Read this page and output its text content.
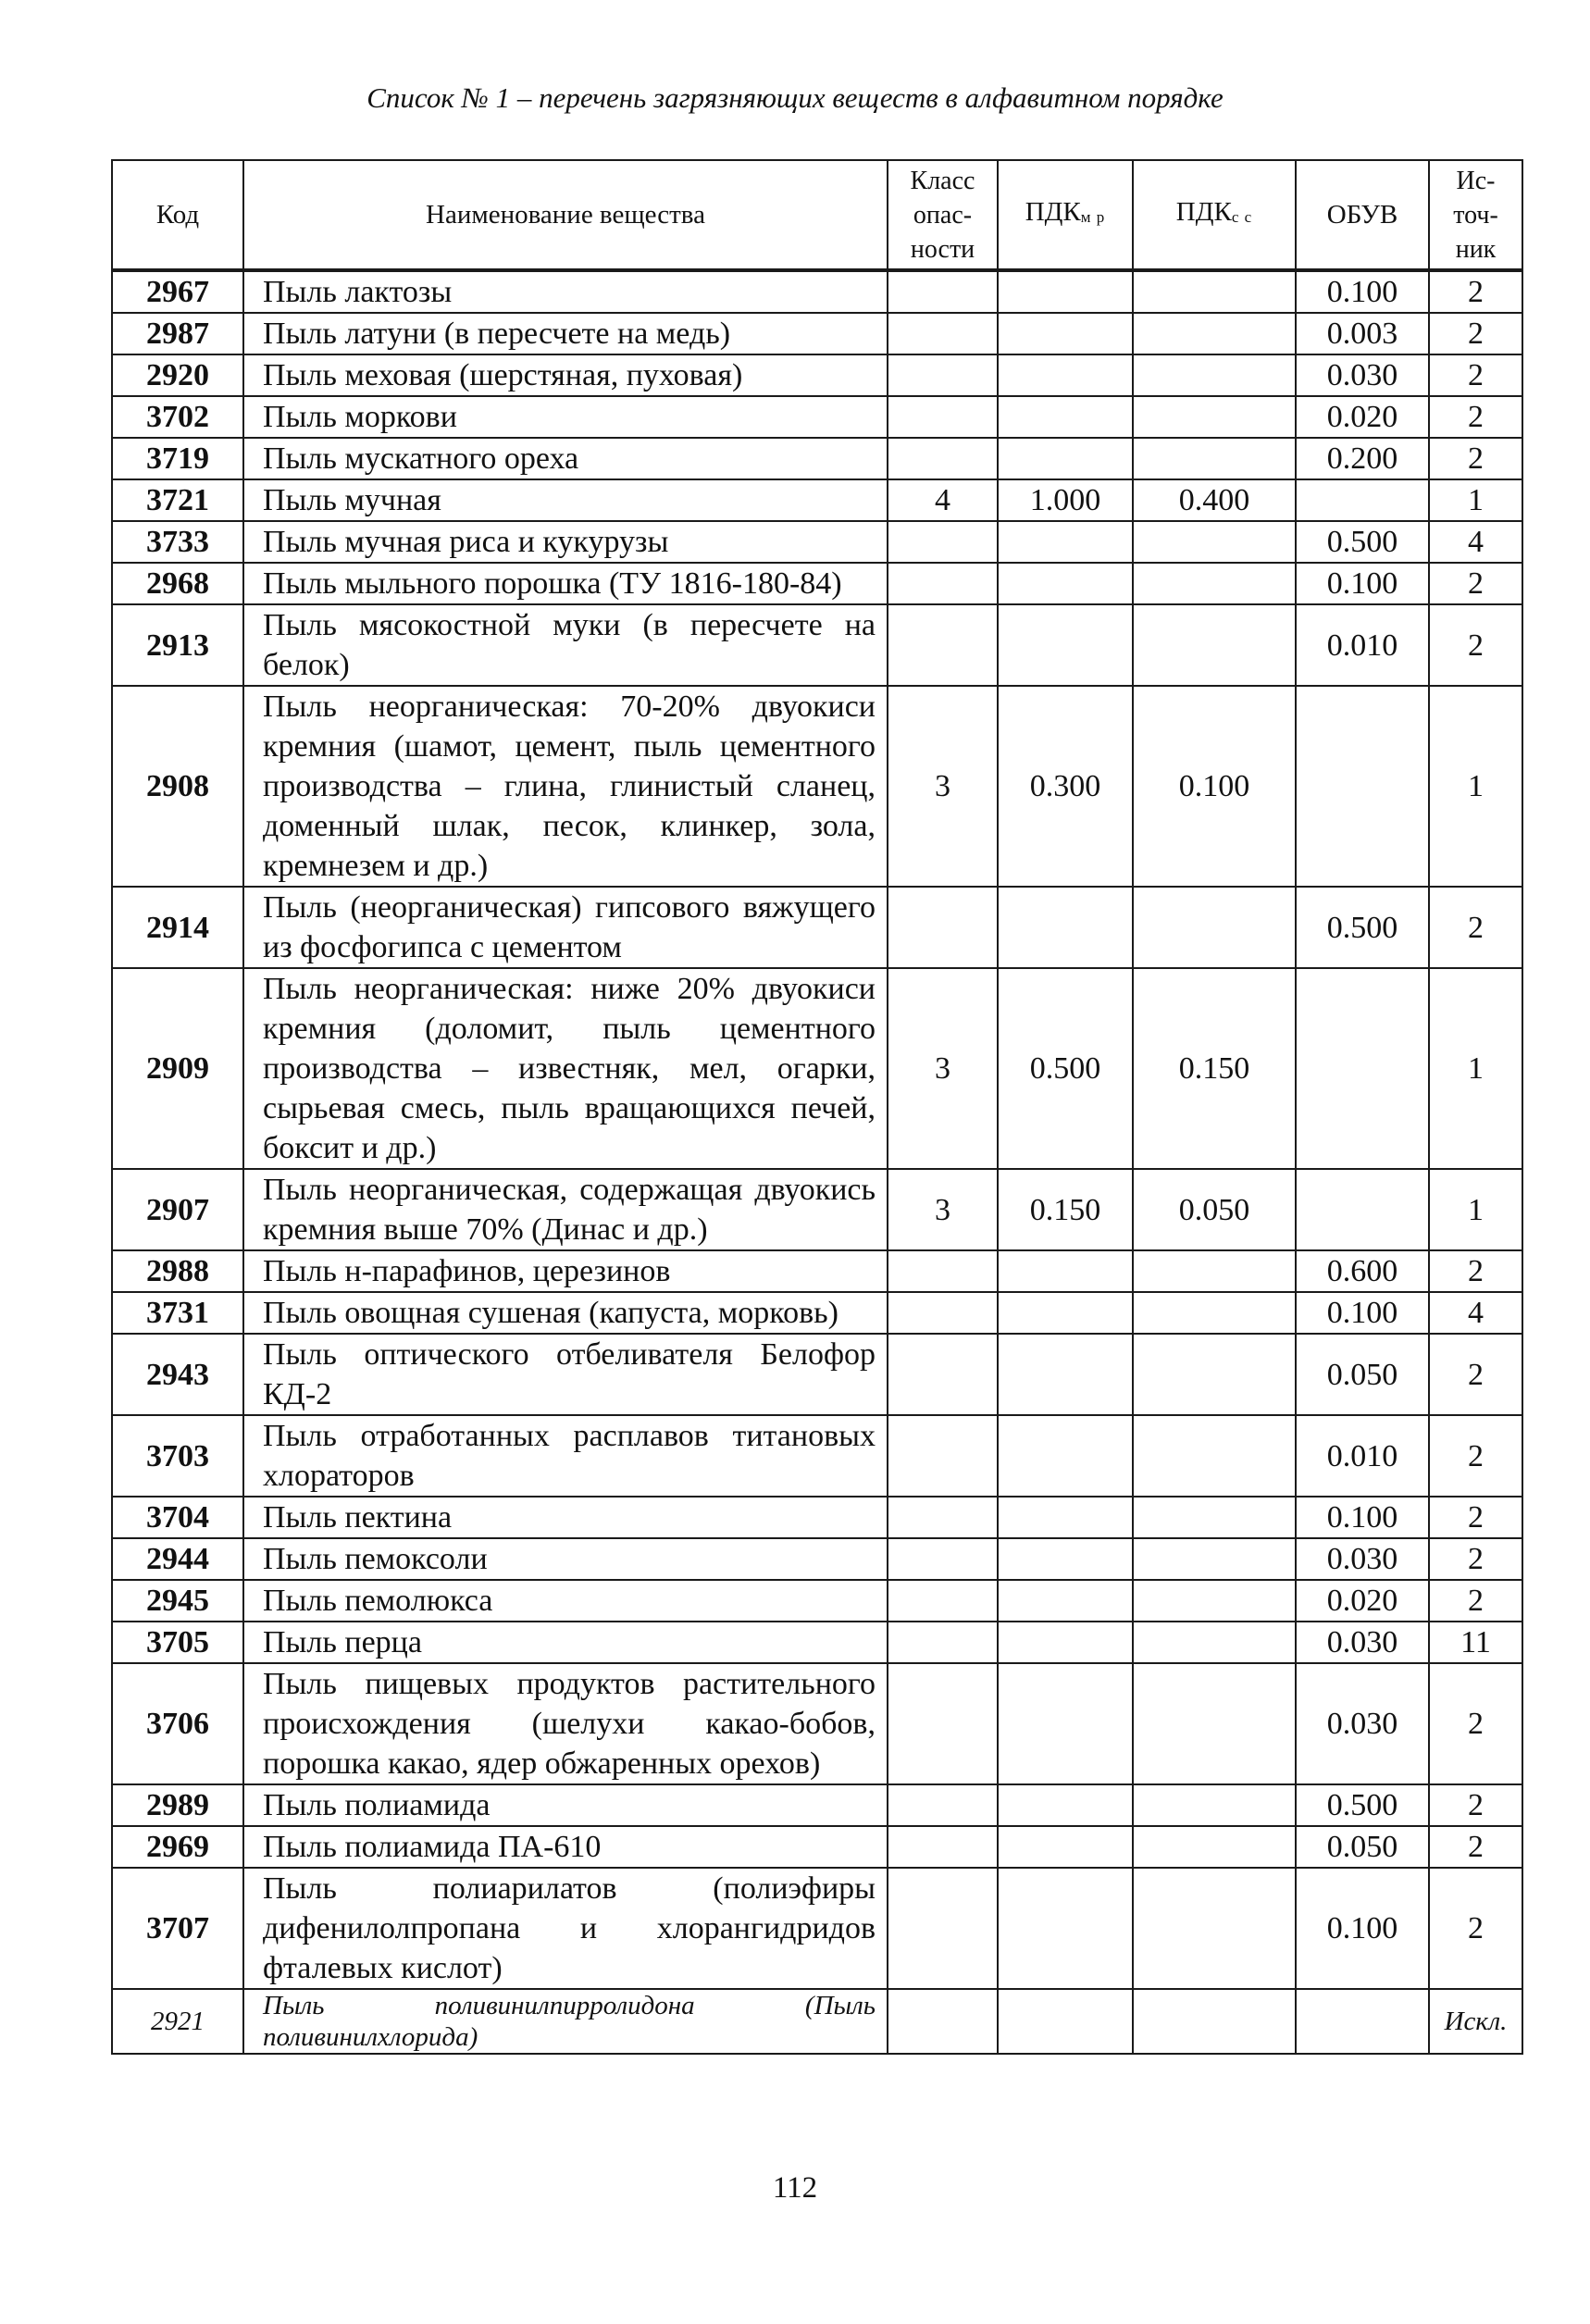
Список № 1 – перечень загрязняющих веществ в алфавитном порядке
Код	Наименование вещества	Класс
опас-
ности	$ПДК_{м р}$	$ПДК_{с с}$	ОБУВ	Ис-
точ-
ник
2967	Пыль лактозы				0.100	2
2987	Пыль латуни (в пересчете на медь)				0.003	2
2920	Пыль меховая (шерстяная, пуховая)				0.030	2
3702	Пыль моркови				0.020	2
3719	Пыль мускатного ореха				0.200	2
3721	Пыль мучная	4	1.000	0.400		1
3733	Пыль мучная риса и кукурузы				0.500	4
2968	Пыль мыльного порошка (ТУ 1816-180-84)				0.100	2
2913	Пыль мясокостной муки (в пересчете на белок)				0.010	2
2908	Пыль неорганическая: 70-20% двуокиси кремния (шамот, цемент, пыль цементного производства – глина, глинистый сланец, доменный шлак, песок, клинкер, зола, кремнезем и др.)	3	0.300	0.100		1
2914	Пыль (неорганическая) гипсового вяжущего из фосфогипса с цементом				0.500	2
2909	Пыль неорганическая: ниже 20% двуокиси кремния (доломит, пыль цементного производства – известняк, мел, огарки, сырьевая смесь, пыль вращающихся печей, боксит и др.)	3	0.500	0.150		1
2907	Пыль неорганическая, содержащая двуокись кремния выше 70% (Динас и др.)	3	0.150	0.050		1
2988	Пыль н-парафинов, церезинов				0.600	2
3731	Пыль овощная сушеная (капуста, морковь)				0.100	4
2943	Пыль оптического отбеливателя Белофор КД-2				0.050	2
3703	Пыль отработанных расплавов титановых хлораторов				0.010	2
3704	Пыль пектина				0.100	2
2944	Пыль пемоксоли				0.030	2
2945	Пыль пемолюкса				0.020	2
3705	Пыль перца				0.030	11
3706	Пыль пищевых продуктов растительного происхождения (шелухи какао-бобов, порошка какао, ядер обжаренных орехов)				0.030	2
2989	Пыль полиамида				0.500	2
2969	Пыль полиамида ПА-610				0.050	2
3707	Пыль полиарилатов (полиэфиры дифенилолпропана и хлорангидридов фталевых кислот)				0.100	2
2921	Пыль поливинилпирролидона (Пыль поливинилхлорида)					Искл.
112
